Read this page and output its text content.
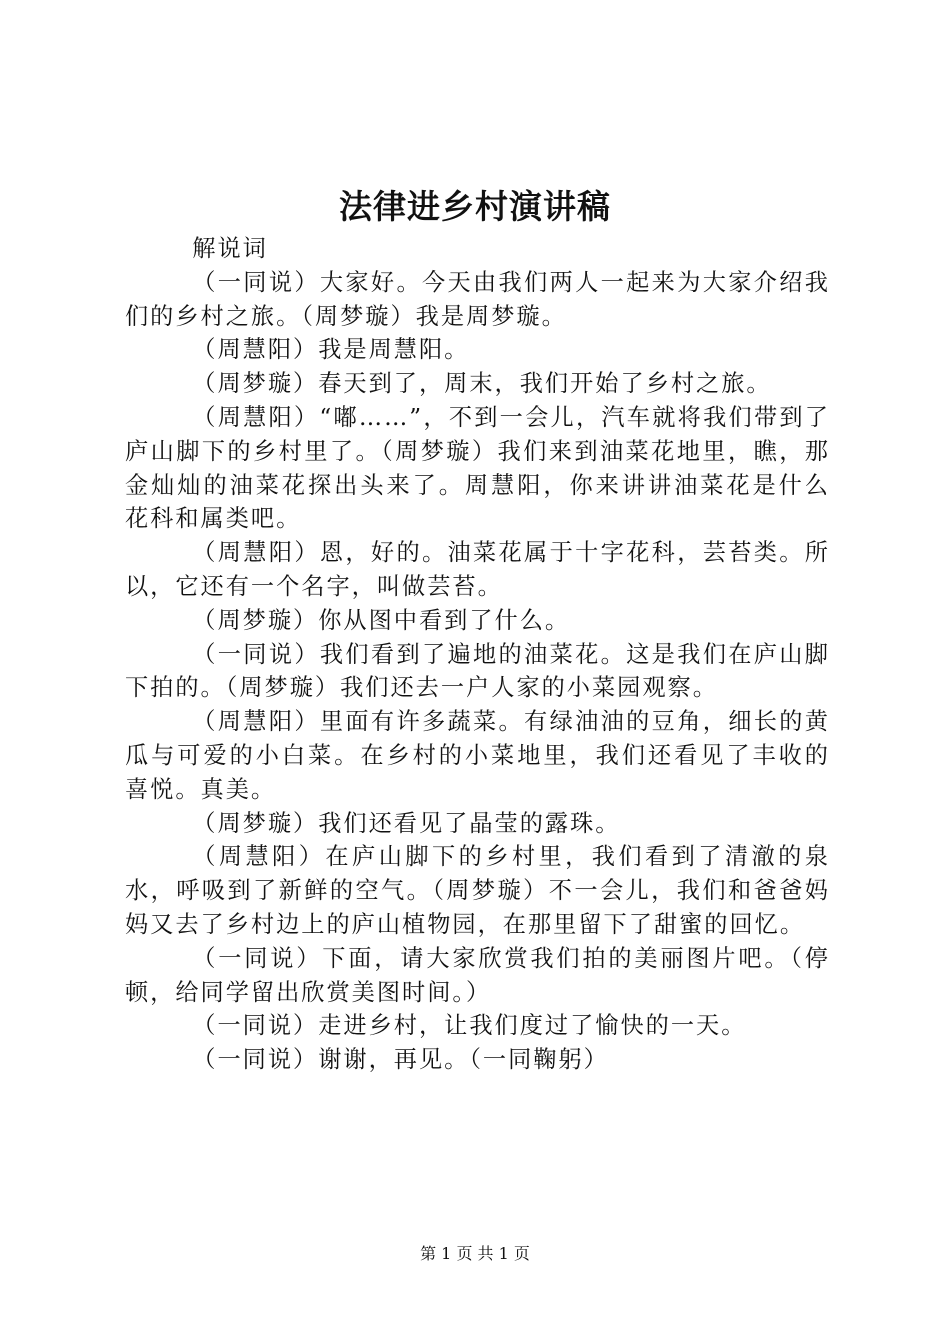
法律进乡村演讲稿

解说词

（一同说）大家好。今天由我们两人一起来为大家介绍我们的乡村之旅。（周梦璇）我是周梦璇。

（周慧阳）我是周慧阳。

（周梦璇）春天到了，周末，我们开始了乡村之旅。

（周慧阳）“嘟……”，不到一会儿，汽车就将我们带到了庐山脚下的乡村里了。（周梦璇）我们来到油菜花地里，瞧，那金灿灿的油菜花探出头来了。周慧阳，你来讲讲油菜花是什么花科和属类吧。

（周慧阳）恩，好的。油菜花属于十字花科，芸苔类。所以，它还有一个名字，叫做芸苔。

（周梦璇）你从图中看到了什么。

（一同说）我们看到了遍地的油菜花。这是我们在庐山脚下拍的。（周梦璇）我们还去一户人家的小菜园观察。

（周慧阳）里面有许多蔬菜。有绿油油的豆角，细长的黄瓜与可爱的小白菜。在乡村的小菜地里，我们还看见了丰收的喜悦。真美。

（周梦璇）我们还看见了晶莹的露珠。

（周慧阳）在庐山脚下的乡村里，我们看到了清澈的泉水，呼吸到了新鲜的空气。（周梦璇）不一会儿，我们和爸爸妈妈又去了乡村边上的庐山植物园，在那里留下了甜蜜的回忆。

（一同说）下面，请大家欣赏我们拍的美丽图片吧。（停顿，给同学留出欣赏美图时间。）

（一同说）走进乡村，让我们度过了愉快的一天。

（一同说）谢谢，再见。（一同鞠躬）

第 1 页 共 1 页
